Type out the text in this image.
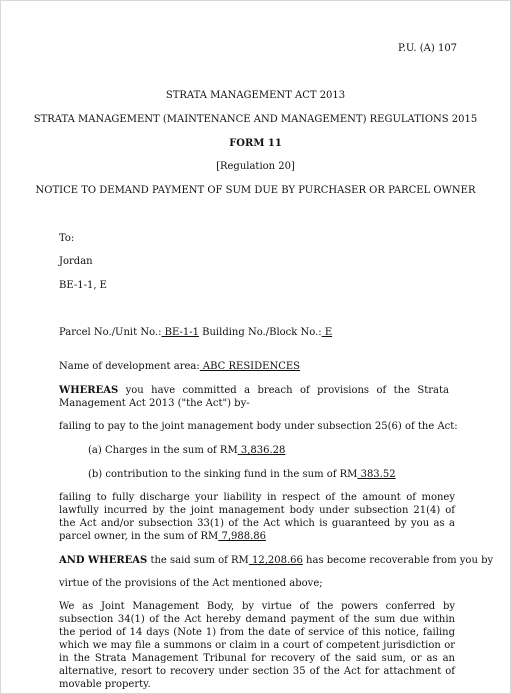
P.U. (A) 107
STRATA MANAGEMENT ACT 2013
STRATA MANAGEMENT (MAINTENANCE AND MANAGEMENT) REGULATIONS 2015
FORM 11
[Regulation 20]
NOTICE TO DEMAND PAYMENT OF SUM DUE BY PURCHASER OR PARCEL OWNER
To:
Jordan
BE-1-1, E
Parcel No./Unit No.: BE-1-1 Building No./Block No.: E
Name of development area: ABC RESIDENCES
WHEREAS you have committed a breach of provisions of the Strata Management Act 2013 ("the Act") by-
failing to pay to the joint management body under subsection 25(6) of the Act:
(a) Charges in the sum of RM 3,836.28
(b) contribution to the sinking fund in the sum of RM 383.52
failing to fully discharge your liability in respect of the amount of money lawfully incurred by the joint management body under subsection 21(4) of the Act and/or subsection 33(1) of the Act which is guaranteed by you as a parcel owner, in the sum of RM 7,988.86
AND WHEREAS the said sum of RM 12,208.66 has become recoverable from you by
virtue of the provisions of the Act mentioned above;
We as Joint Management Body, by virtue of the powers conferred by subsection 34(1) of the Act hereby demand payment of the sum due within the period of 14 days (Note 1) from the date of service of this notice, failing which we may file a summons or claim in a court of competent jurisdiction or in the Strata Management Tribunal for recovery of the said sum, or as an alternative, resort to recovery under section 35 of the Act for attachment of movable property.
